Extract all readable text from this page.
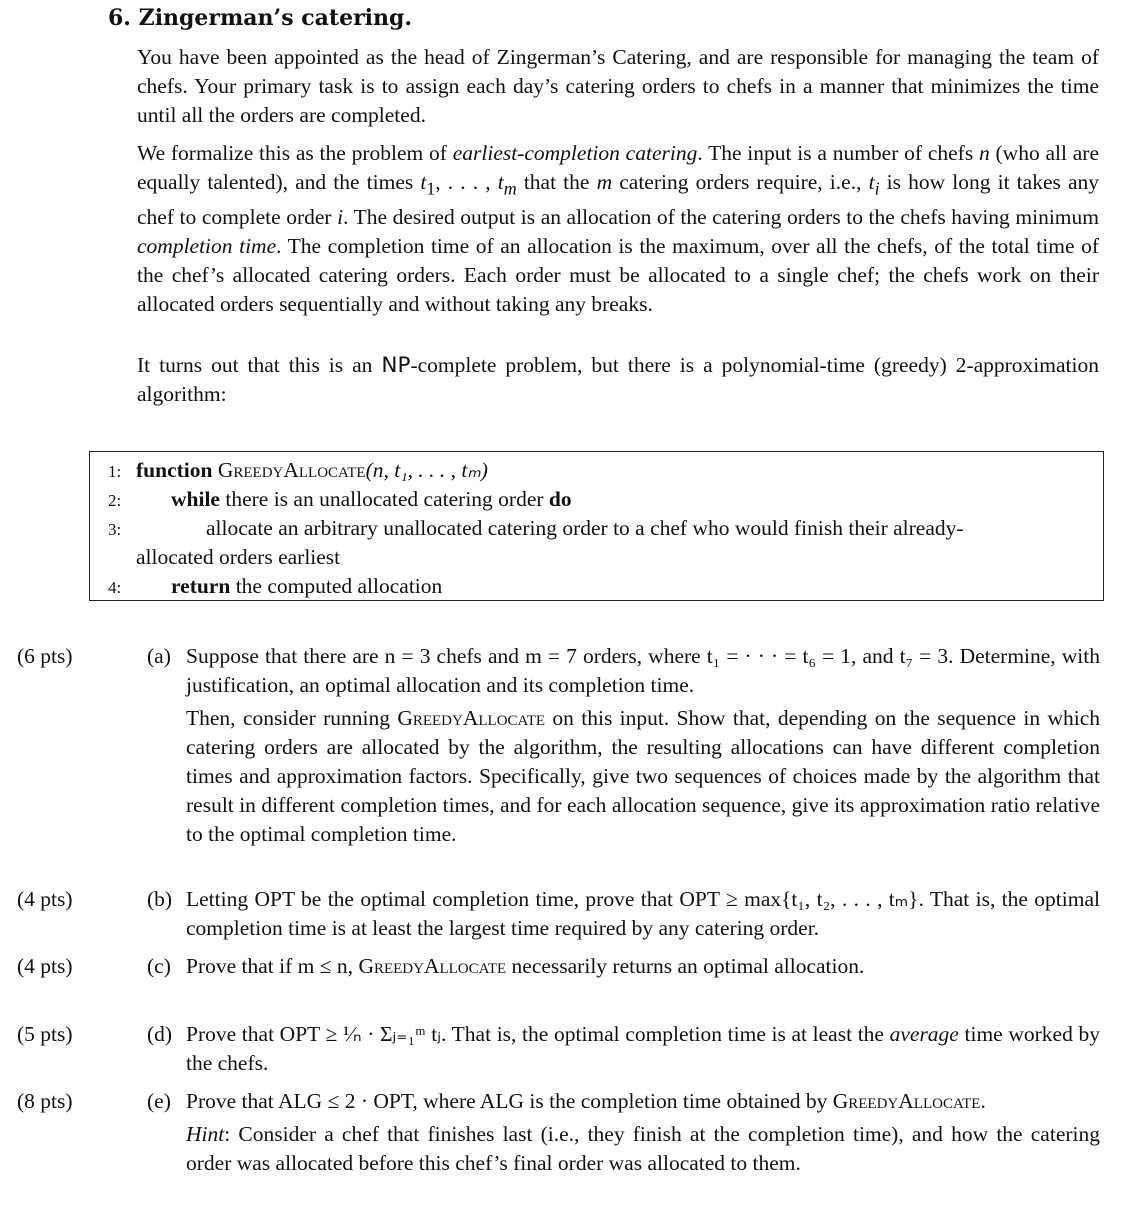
6. Zingerman’s catering.

You have been appointed as the head of Zingerman’s Catering, and are responsible for managing the team of chefs. Your primary task is to assign each day’s catering orders to chefs in a manner that minimizes the time until all the orders are completed.

We formalize this as the problem of earliest-completion catering. The input is a number of chefs n (who all are equally talented), and the times $t_1$, . . . , $t_m$ that the m catering orders require, i.e., $t_i$ is how long it takes any chef to complete order i. The desired output is an allocation of the catering orders to the chefs having minimum completion time. The completion time of an allocation is the maximum, over all the chefs, of the total time of the chef’s allocated catering orders. Each order must be allocated to a single chef; the chefs work on their allocated orders sequentially and without taking any breaks.

It turns out that this is an NP-complete problem, but there is a polynomial-time (greedy) 2-approximation algorithm:

1: function GreedyAllocate(n, t₁, . . . , tₘ)
2: while there is an unallocated catering order do
3:	allocate an arbitrary unallocated catering order to a chef who would finish their already-
allocated orders earliest
4: return the computed allocation
(6 pts)	(a) Suppose that there are n = 3 chefs and m = 7 orders, where t₁ = · · · = t₆ = 1, and t₇ = 3. Determine, with justification, an optimal allocation and its completion time.

Then, consider running GreedyAllocate on this input. Show that, depending on the sequence in which catering orders are allocated by the algorithm, the resulting allocations can have different completion times and approximation factors. Specifically, give two sequences of choices made by the algorithm that result in different completion times, and for each allocation sequence, give its approximation ratio relative to the optimal completion time.

(4 pts)	(b) Letting OPT be the optimal completion time, prove that OPT ≥ max{t₁, t₂, . . . , tₘ}. That is, the optimal completion time is at least the largest time required by any catering order.

(4 pts)	(c) Prove that if m ≤ n, GreedyAllocate necessarily returns an optimal allocation.

(5 pts)	(d) Prove that OPT ≥ ¹⁄ₙ · Σⱼ₌₁ᵐ tⱼ. That is, the optimal completion time is at least the average time worked by the chefs.

(8 pts)	(e) Prove that ALG ≤ 2 · OPT, where ALG is the completion time obtained by GreedyAllocate.

Hint: Consider a chef that finishes last (i.e., they finish at the completion time), and how the catering order was allocated before this chef’s final order was allocated to them.
